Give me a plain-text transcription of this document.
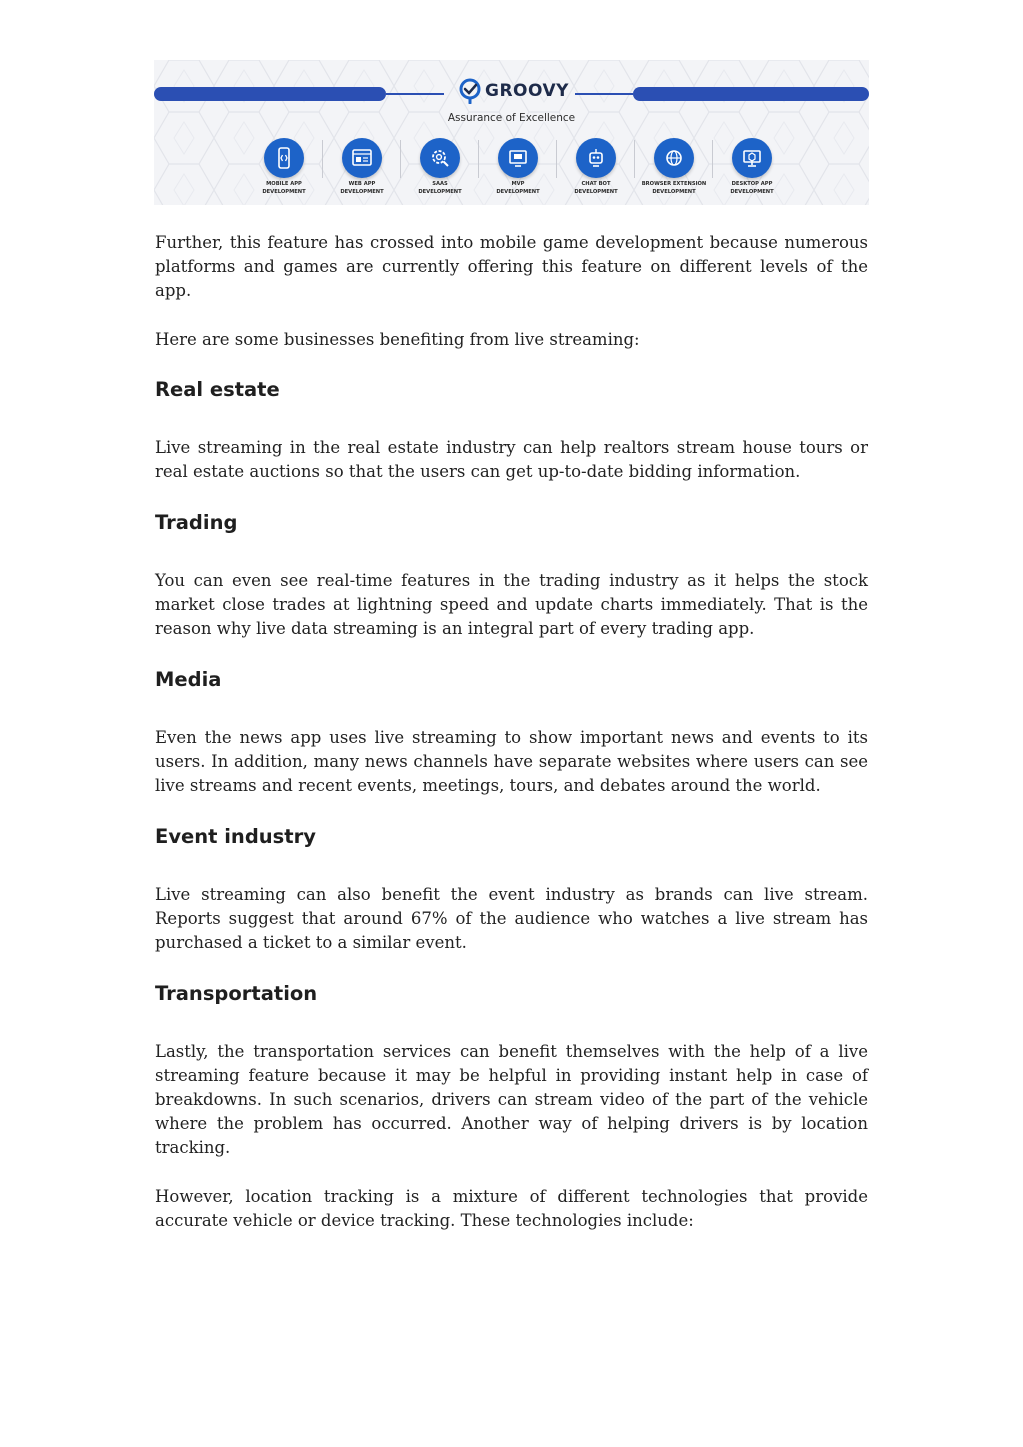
GROOVY
Assurance of Excellence
MOBILE APP
DEVELOPMENT
WEB APP
DEVELOPMENT
SAAS
DEVELOPMENT
MVP
DEVELOPMENT
CHAT BOT
DEVELOPMENT
BROWSER EXTENSION
DEVELOPMENT
DESKTOP APP
DEVELOPMENT

Further, this feature has crossed into mobile game development because numerous platforms and games are currently offering this feature on different levels of the app.

Here are some businesses benefiting from live streaming:

Real estate

Live streaming in the real estate industry can help realtors stream house tours or real estate auctions so that the users can get up-to-date bidding information.

Trading

You can even see real-time features in the trading industry as it helps the stock market close trades at lightning speed and update charts immediately. That is the reason why live data streaming is an integral part of every trading app.

Media

Even the news app uses live streaming to show important news and events to its users. In addition, many news channels have separate websites where users can see live streams and recent events, meetings, tours, and debates around the world.

Event industry

Live streaming can also benefit the event industry as brands can live stream. Reports suggest that around 67% of the audience who watches a live stream has purchased a ticket to a similar event.

Transportation

Lastly, the transportation services can benefit themselves with the help of a live streaming feature because it may be helpful in providing instant help in case of breakdowns. In such scenarios, drivers can stream video of the part of the vehicle where the problem has occurred. Another way of helping drivers is by location tracking.

However, location tracking is a mixture of different technologies that provide accurate vehicle or device tracking. These technologies include:
